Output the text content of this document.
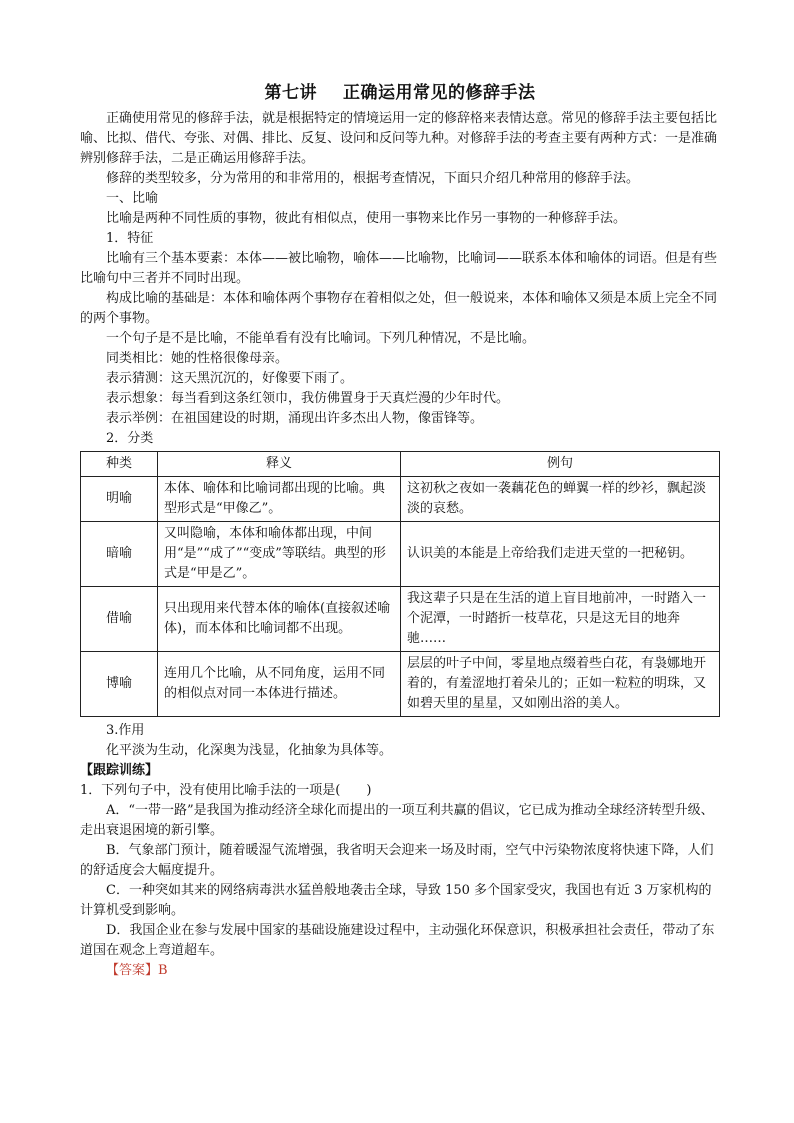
第七讲 正确运用常见的修辞手法

正确使用常见的修辞手法，就是根据特定的情境运用一定的修辞格来表情达意。常见的修辞手法主要包括比喻、比拟、借代、夸张、对偶、排比、反复、设问和反问等九种。对修辞手法的考查主要有两种方式：一是准确辨别修辞手法，二是正确运用修辞手法。

修辞的类型较多，分为常用的和非常用的，根据考查情况，下面只介绍几种常用的修辞手法。

一、比喻

比喻是两种不同性质的事物，彼此有相似点，使用一事物来比作另一事物的一种修辞手法。

1．特征

比喻有三个基本要素：本体——被比喻物，喻体——比喻物，比喻词——联系本体和喻体的词语。但是有些比喻句中三者并不同时出现。

构成比喻的基础是：本体和喻体两个事物存在着相似之处，但一般说来，本体和喻体又须是本质上完全不同的两个事物。

一个句子是不是比喻，不能单看有没有比喻词。下列几种情况，不是比喻。

同类相比：她的性格很像母亲。

表示猜测：这天黑沉沉的，好像要下雨了。

表示想象：每当看到这条红领巾，我仿佛置身于天真烂漫的少年时代。

表示举例：在祖国建设的时期，涌现出许多杰出人物，像雷锋等。

2．分类

种类	释义	例句
明喻	本体、喻体和比喻词都出现的比喻。典型形式是“甲像乙”。	这初秋之夜如一袭藕花色的蝉翼一样的纱衫，飘起淡淡的哀愁。
暗喻	又叫隐喻，本体和喻体都出现，中间用“是”“成了”“变成”等联结。典型的形式是“甲是乙”。	认识美的本能是上帝给我们走进天堂的一把秘钥。
借喻	只出现用来代替本体的喻体(直接叙述喻体)，而本体和比喻词都不出现。	我这辈子只是在生活的道上盲目地前冲，一时踏入一个泥潭，一时踏折一枝草花，只是这无目的地奔驰……
博喻	连用几个比喻，从不同角度，运用不同的相似点对同一本体进行描述。	层层的叶子中间，零星地点缀着些白花，有袅娜地开着的，有羞涩地打着朵儿的；正如一粒粒的明珠，又如碧天里的星星，又如刚出浴的美人。

3.作用

化平淡为生动，化深奥为浅显，化抽象为具体等。

【跟踪训练】

1．下列句子中，没有使用比喻手法的一项是(　　)

A．“一带一路”是我国为推动经济全球化而提出的一项互利共赢的倡议，它已成为推动全球经济转型升级、走出衰退困境的新引擎。

B．气象部门预计，随着暖湿气流增强，我省明天会迎来一场及时雨，空气中污染物浓度将快速下降，人们的舒适度会大幅度提升。

C．一种突如其来的网络病毒洪水猛兽般地袭击全球，导致 150 多个国家受灾，我国也有近 3 万家机构的计算机受到影响。

D．我国企业在参与发展中国家的基础设施建设过程中，主动强化环保意识，积极承担社会责任，带动了东道国在观念上弯道超车。

【答案】B
